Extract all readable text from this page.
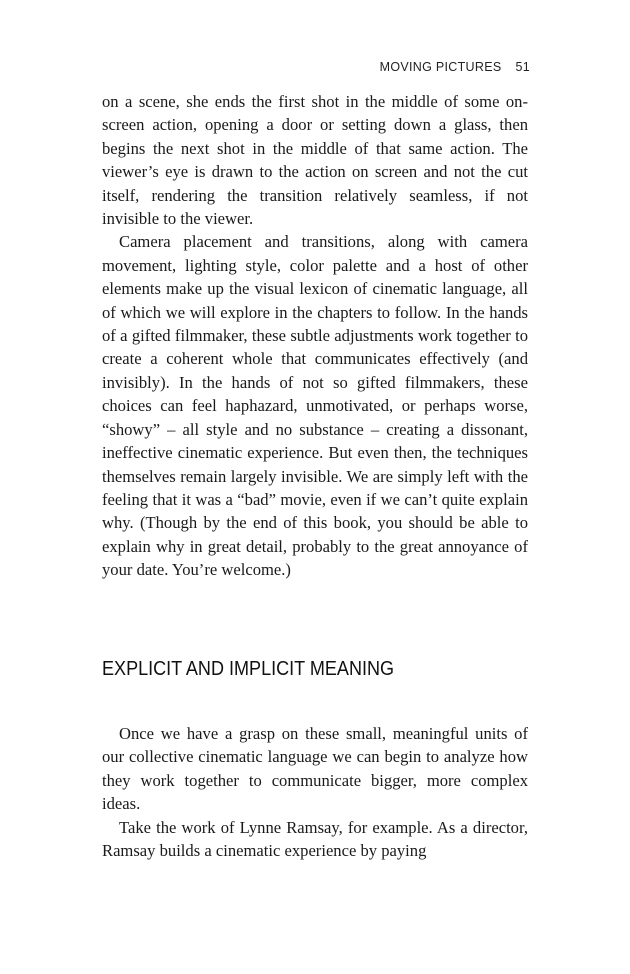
MOVING PICTURES 51

on a scene, she ends the first shot in the middle of some on-screen action, opening a door or setting down a glass, then begins the next shot in the middle of that same action. The viewer’s eye is drawn to the action on screen and not the cut itself, rendering the transition relatively seamless, if not invisible to the viewer.

Camera placement and transitions, along with camera movement, lighting style, color palette and a host of other elements make up the visual lexicon of cinematic language, all of which we will explore in the chapters to follow. In the hands of a gifted filmmaker, these subtle adjustments work together to create a coherent whole that communicates effectively (and invisibly). In the hands of not so gifted filmmakers, these choices can feel haphazard, unmotivated, or perhaps worse, “showy” – all style and no substance – creating a dissonant, ineffective cinematic experience. But even then, the techniques themselves remain largely invisible. We are simply left with the feeling that it was a “bad” movie, even if we can’t quite explain why. (Though by the end of this book, you should be able to explain why in great detail, probably to the great annoyance of your date. You’re welcome.)

EXPLICIT AND IMPLICIT MEANING

Once we have a grasp on these small, meaningful units of our collective cinematic language we can begin to analyze how they work together to communicate bigger, more complex ideas.

Take the work of Lynne Ramsay, for example. As a director, Ramsay builds a cinematic experience by paying
